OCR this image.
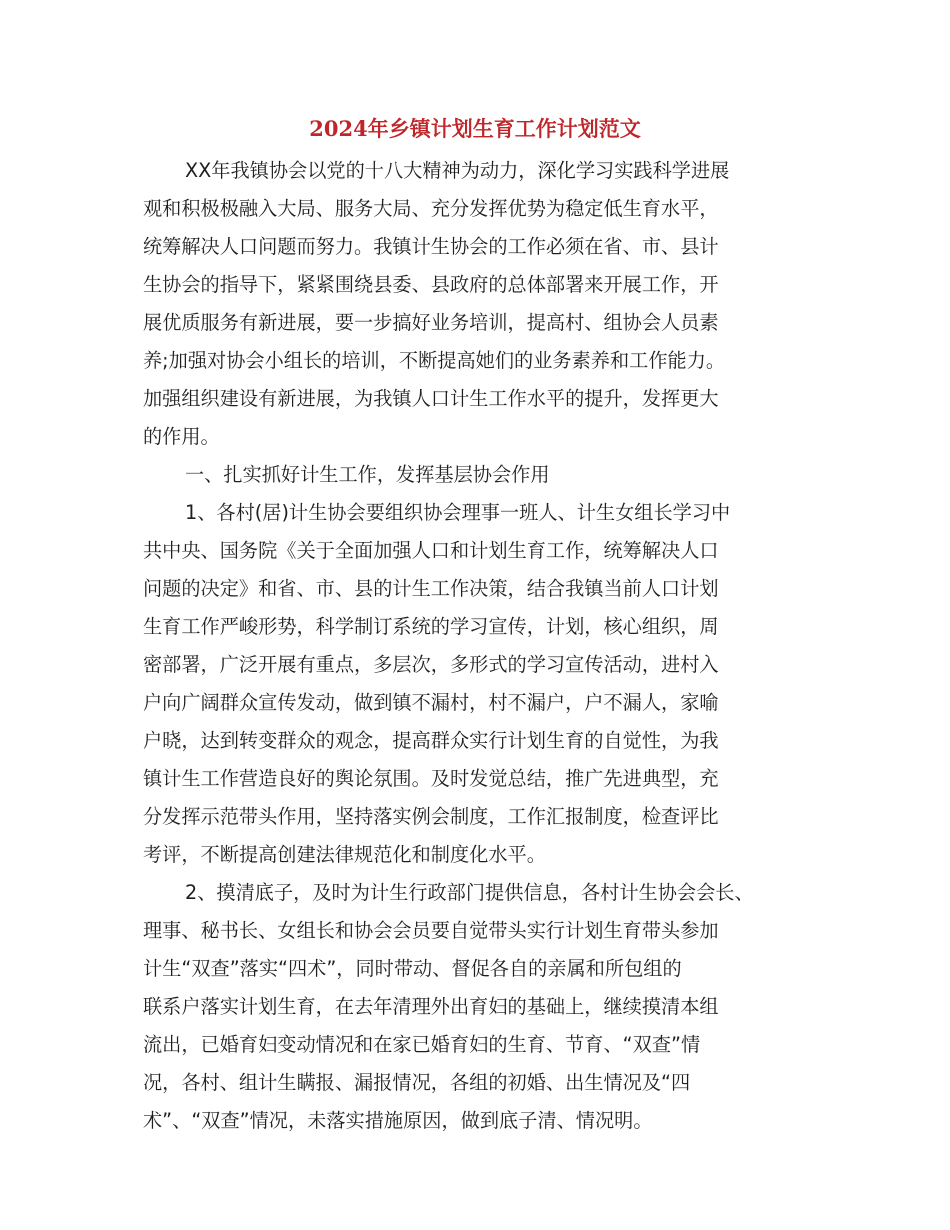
2024年乡镇计划生育工作计划范文
XX年我镇协会以党的十八大精神为动力，深化学习实践科学进展
观和积极极融入大局、服务大局、充分发挥优势为稳定低生育水平，
统筹解决人口问题而努力。我镇计生协会的工作必须在省、市、县计
生协会的指导下，紧紧围绕县委、县政府的总体部署来开展工作，开
展优质服务有新进展，要一步搞好业务培训，提高村、组协会人员素
养;加强对协会小组长的培训，不断提高她们的业务素养和工作能力。
加强组织建设有新进展，为我镇人口计生工作水平的提升，发挥更大
的作用。
一、扎实抓好计生工作，发挥基层协会作用
1、各村(居)计生协会要组织协会理事一班人、计生女组长学习中
共中央、国务院《关于全面加强人口和计划生育工作，统筹解决人口
问题的决定》和省、市、县的计生工作决策，结合我镇当前人口计划
生育工作严峻形势，科学制订系统的学习宣传，计划，核心组织，周
密部署，广泛开展有重点，多层次，多形式的学习宣传活动，进村入
户向广阔群众宣传发动，做到镇不漏村，村不漏户，户不漏人，家喻
户晓，达到转变群众的观念，提高群众实行计划生育的自觉性，为我
镇计生工作营造良好的舆论氛围。及时发觉总结，推广先进典型，充
分发挥示范带头作用，坚持落实例会制度，工作汇报制度，检查评比
考评，不断提高创建法律规范化和制度化水平。
2、摸清底子，及时为计生行政部门提供信息，各村计生协会会长、
理事、秘书长、女组长和协会会员要自觉带头实行计划生育带头参加
计生“双查”落实“四术”，同时带动、督促各自的亲属和所包组的
联系户落实计划生育，在去年清理外出育妇的基础上，继续摸清本组
流出，已婚育妇变动情况和在家已婚育妇的生育、节育、“双查”情
况，各村、组计生瞒报、漏报情况，各组的初婚、出生情况及“四
术”、“双查”情况，未落实措施原因，做到底子清、情况明。
